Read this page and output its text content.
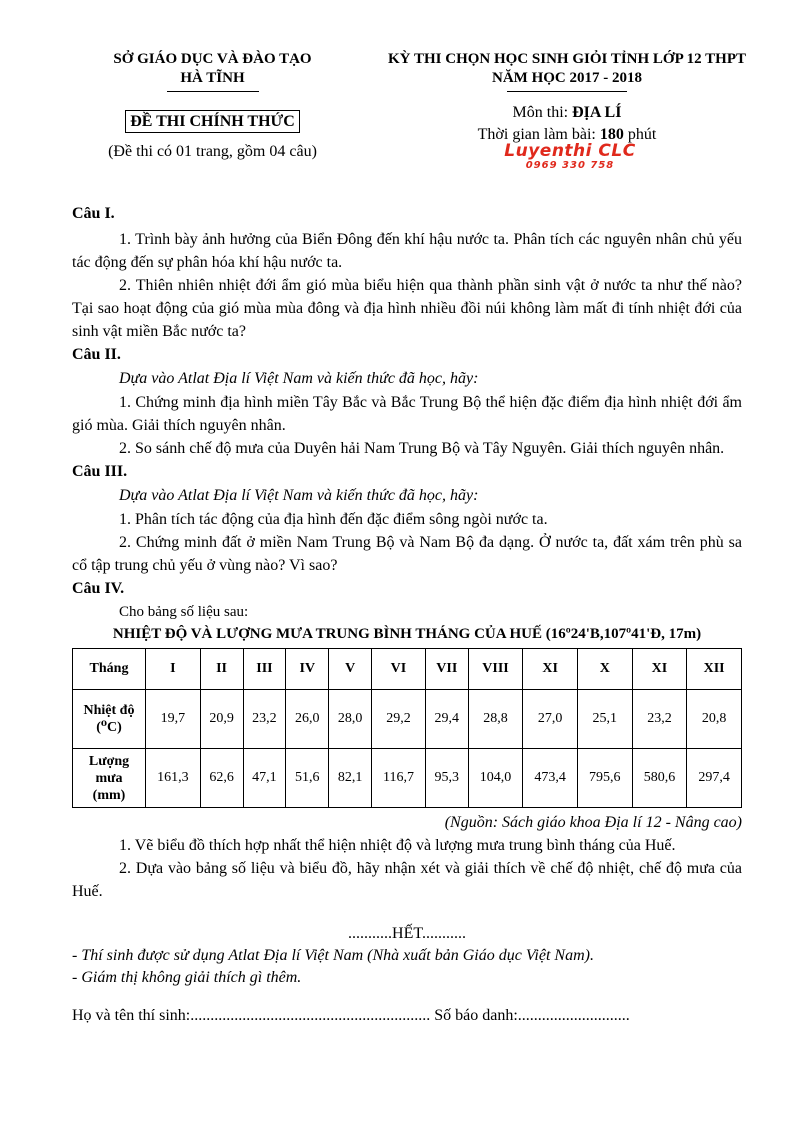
SỞ GIÁO DỤC VÀ ĐÀO TẠO
HÀ TĨNH
ĐỀ THI CHÍNH THỨC
(Đề thi có 01 trang, gồm 04 câu)
KỲ THI CHỌN HỌC SINH GIỎI TỈNH LỚP 12 THPT
NĂM HỌC 2017 - 2018
Môn thi: ĐỊA LÍ
Thời gian làm bài: 180 phút
Luyenthi CLC
0969 330 758
Câu I.
1. Trình bày ảnh hưởng của Biển Đông đến khí hậu nước ta. Phân tích các nguyên nhân chủ yếu tác động đến sự phân hóa khí hậu nước ta.
2. Thiên nhiên nhiệt đới ẩm gió mùa biểu hiện qua thành phần sinh vật ở nước ta như thế nào? Tại sao hoạt động của gió mùa mùa đông và địa hình nhiều đồi núi không làm mất đi tính nhiệt đới của sinh vật miền Bắc nước ta?
Câu II.
Dựa vào Atlat Địa lí Việt Nam và kiến thức đã học, hãy:
1. Chứng minh địa hình miền Tây Bắc và Bắc Trung Bộ thể hiện đặc điểm địa hình nhiệt đới ẩm gió mùa. Giải thích nguyên nhân.
2. So sánh chế độ mưa của Duyên hải Nam Trung Bộ và Tây Nguyên. Giải thích nguyên nhân.
Câu III.
Dựa vào Atlat Địa lí Việt Nam và kiến thức đã học, hãy:
1. Phân tích tác động của địa hình đến đặc điểm sông ngòi nước ta.
2. Chứng minh đất ở miền Nam Trung Bộ và Nam Bộ đa dạng. Ở nước ta, đất xám trên phù sa cổ tập trung chủ yếu ở vùng nào? Vì sao?
Câu IV.
Cho bảng số liệu sau:
NHIỆT ĐỘ VÀ LƯỢNG MƯA TRUNG BÌNH THÁNG CỦA HUẾ (16º24'B,107º41'Đ, 17m)
Tháng	I	II	III	IV	V	VI	VII	VIII	XI	X	XI	XII

Nhiệt độ
(⁰C)	19,7	20,9	23,2	26,0	28,0	29,2	29,4	28,8	27,0	25,1	23,2	20,8

Lượng
mưa
(mm)	161,3	62,6	47,1	51,6	82,1	116,7	95,3	104,0	473,4	795,6	580,6	297,4
(Nguồn: Sách giáo khoa Địa lí 12 - Nâng cao)
1. Vẽ biểu đồ thích hợp nhất thể hiện nhiệt độ và lượng mưa trung bình tháng của Huế.
2. Dựa vào bảng số liệu và biểu đồ, hãy nhận xét và giải thích về chế độ nhiệt, chế độ mưa của Huế.
...........HẾT...........
- Thí sinh được sử dụng Atlat Địa lí Việt Nam (Nhà xuất bản Giáo dục Việt Nam).
- Giám thị không giải thích gì thêm.
Họ và tên thí sinh:............................................................ Số báo danh:............................
